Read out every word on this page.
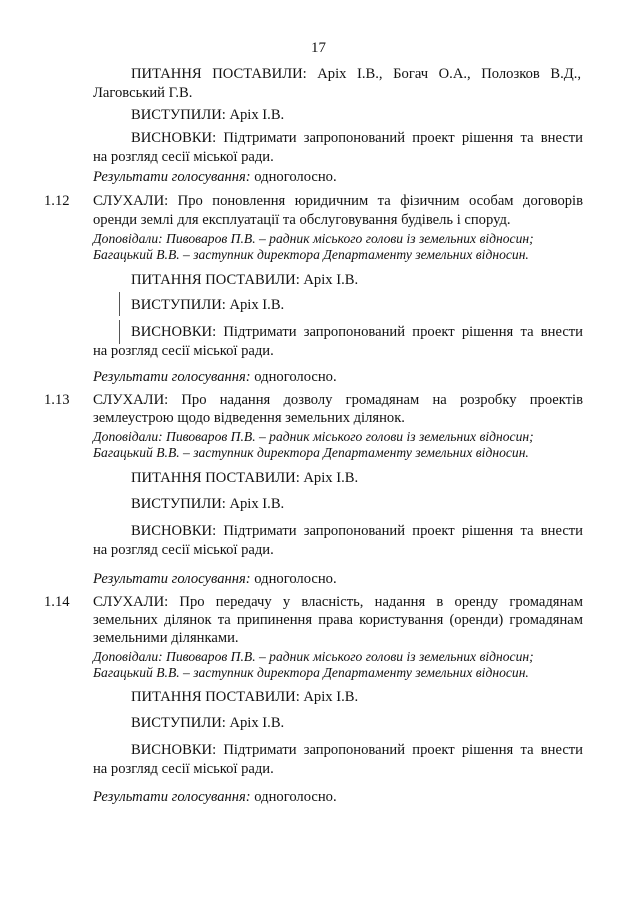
17
ПИТАННЯ ПОСТАВИЛИ: Аріх І.В., Богач О.А., Полозков В.Д.,
Лаговський Г.В.
ВИСТУПИЛИ: Аріх І.В.
ВИСНОВКИ: Підтримати запропонований проект рішення та внести
на розгляд сесії міської ради.
Результати голосування: одноголосно.
1.12 СЛУХАЛИ: Про поновлення юридичним та фізичним особам договорів
оренди землі для експлуатації та обслуговування будівель і споруд.
Доповідали: Пивоваров П.В. – радник міського голови із земельних відносин;
Багацький В.В. – заступник директора Департаменту земельних відносин.
ПИТАННЯ ПОСТАВИЛИ: Аріх І.В.
ВИСТУПИЛИ: Аріх І.В.
ВИСНОВКИ: Підтримати запропонований проект рішення та внести
на розгляд сесії міської ради.
Результати голосування: одноголосно.
1.13 СЛУХАЛИ: Про надання дозволу громадянам на розробку проектів
землеустрою щодо відведення земельних ділянок.
Доповідали: Пивоваров П.В. – радник міського голови із земельних відносин;
Багацький В.В. – заступник директора Департаменту земельних відносин.
ПИТАННЯ ПОСТАВИЛИ: Аріх І.В.
ВИСТУПИЛИ: Аріх І.В.
ВИСНОВКИ: Підтримати запропонований проект рішення та внести
на розгляд сесії міської ради.
Результати голосування: одноголосно.
1.14 СЛУХАЛИ: Про передачу у власність, надання в оренду громадянам
земельних ділянок та припинення права користування (оренди) громадянам
земельними ділянками.
Доповідали: Пивоваров П.В. – радник міського голови із земельних відносин;
Багацький В.В. – заступник директора Департаменту земельних відносин.
ПИТАННЯ ПОСТАВИЛИ: Аріх І.В.
ВИСТУПИЛИ: Аріх І.В.
ВИСНОВКИ: Підтримати запропонований проект рішення та внести
на розгляд сесії міської ради.
Результати голосування: одноголосно.
